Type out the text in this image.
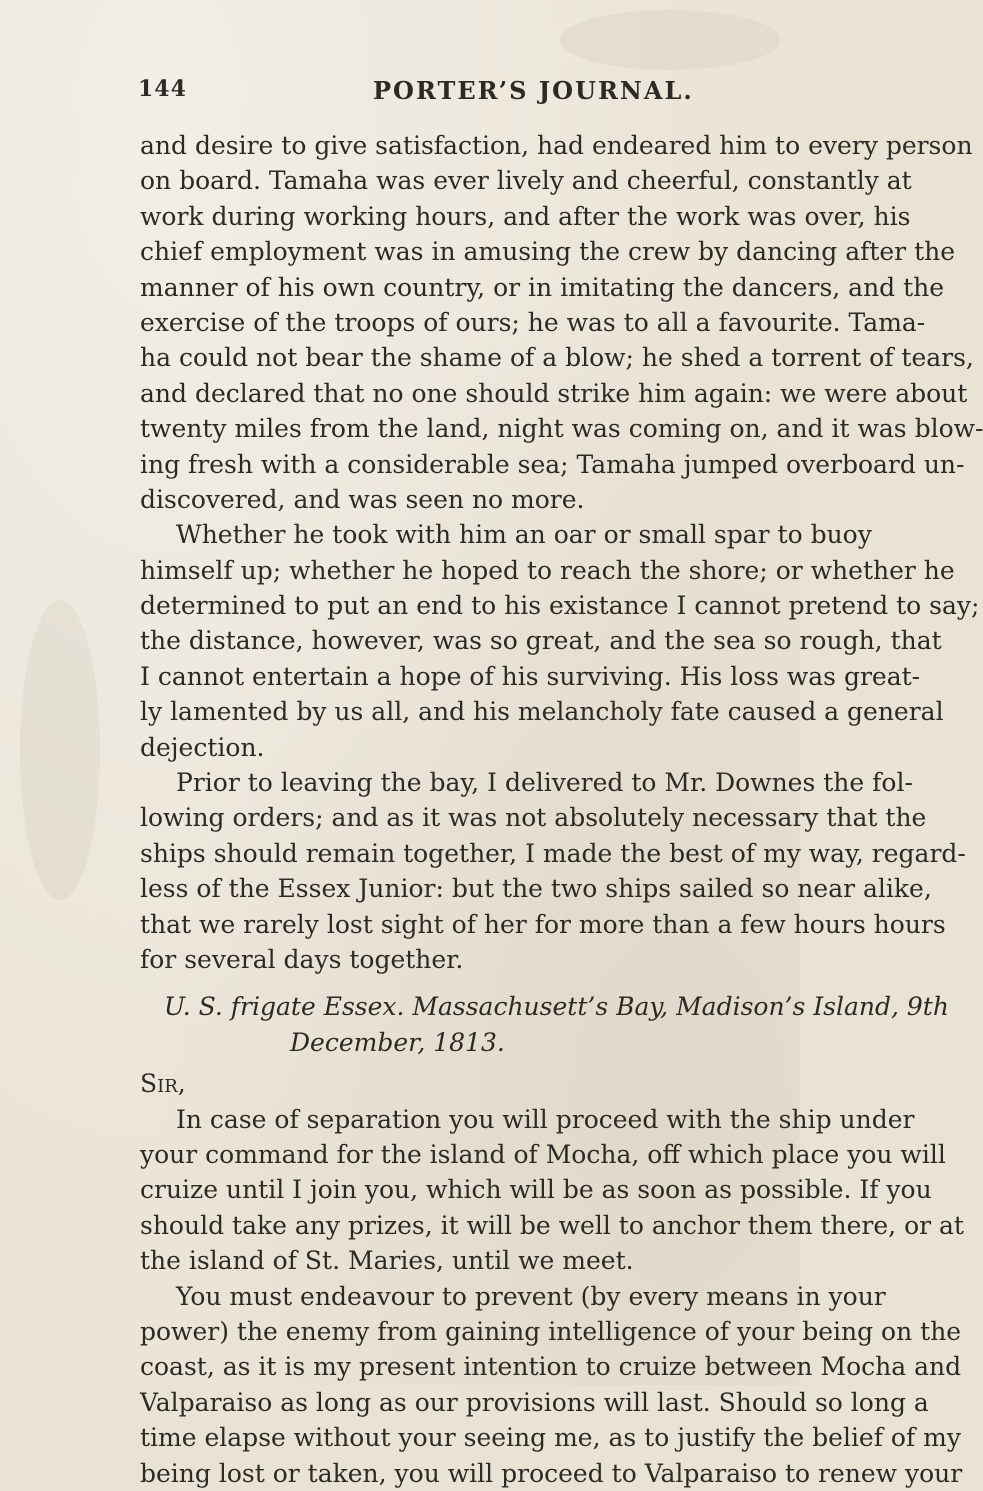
144	PORTER’S JOURNAL.
and desire to give satisfaction, had endeared him to every person
on board. Tamaha was ever lively and cheerful, constantly at
work during working hours, and after the work was over, his
chief employment was in amusing the crew by dancing after the
manner of his own country, or in imitating the dancers, and the
exercise of the troops of ours; he was to all a favourite. Tama-
ha could not bear the shame of a blow; he shed a torrent of tears,
and declared that no one should strike him again: we were about
twenty miles from the land, night was coming on, and it was blow-
ing fresh with a considerable sea; Tamaha jumped overboard un-
discovered, and was seen no more.
Whether he took with him an oar or small spar to buoy
himself up; whether he hoped to reach the shore; or whether he
determined to put an end to his existance I cannot pretend to say;
the distance, however, was so great, and the sea so rough, that
I cannot entertain a hope of his surviving. His loss was great-
ly lamented by us all, and his melancholy fate caused a general
dejection.
Prior to leaving the bay, I delivered to Mr. Downes the fol-
lowing orders; and as it was not absolutely necessary that the
ships should remain together, I made the best of my way, regard-
less of the Essex Junior: but the two ships sailed so near alike,
that we rarely lost sight of her for more than a few hours hours
for several days together.
U. S. frigate Essex. Massachusett’s Bay, Madison’s Island, 9th
December, 1813.
Sir,
In case of separation you will proceed with the ship under
your command for the island of Mocha, off which place you will
cruize until I join you, which will be as soon as possible. If you
should take any prizes, it will be well to anchor them there, or at
the island of St. Maries, until we meet.
You must endeavour to prevent (by every means in your
power) the enemy from gaining intelligence of your being on the
coast, as it is my present intention to cruize between Mocha and
Valparaiso as long as our provisions will last. Should so long a
time elapse without your seeing me, as to justify the belief of my
being lost or taken, you will proceed to Valparaiso to renew your
